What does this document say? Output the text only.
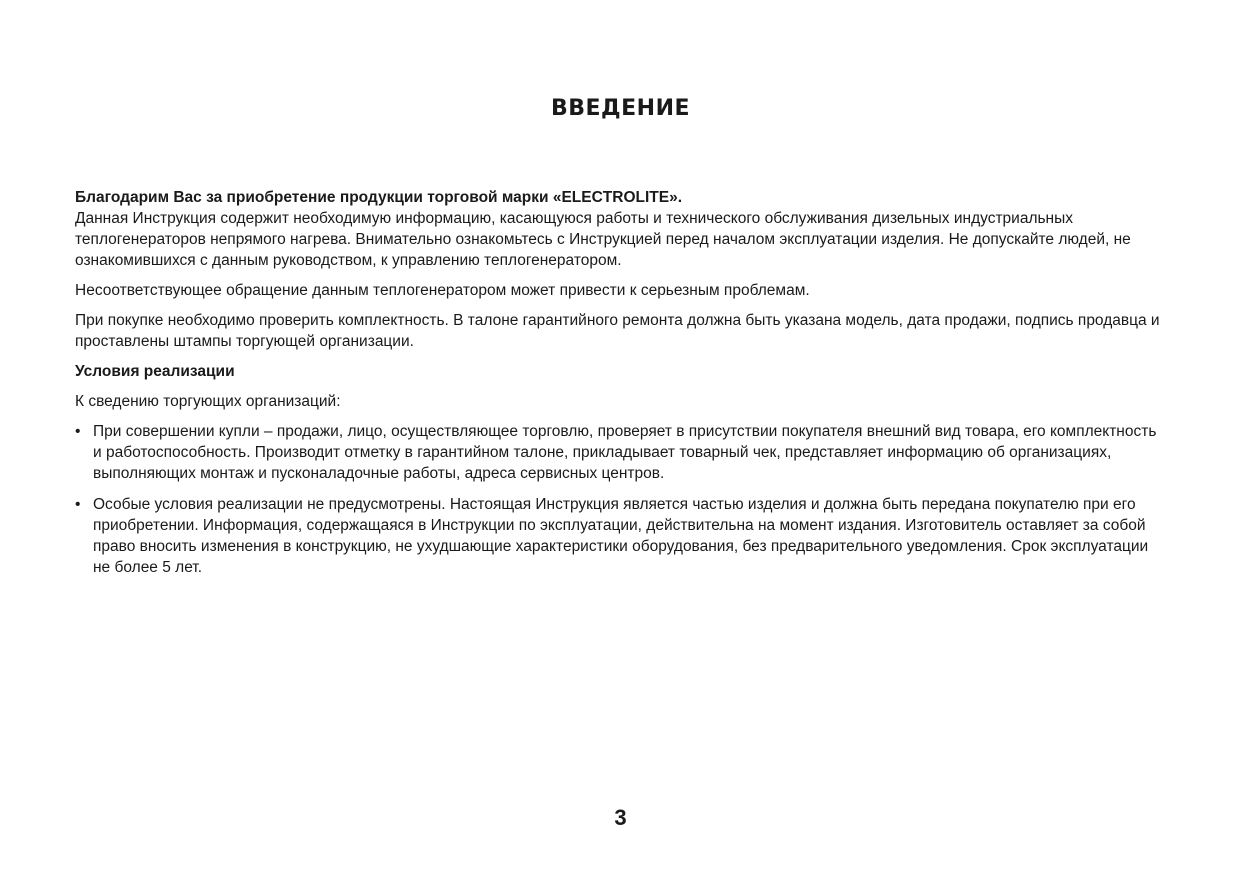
ВВЕДЕНИЕ

Благодарим Вас за приобретение продукции торговой марки «ELECTROLITE».

Данная Инструкция содержит необходимую информацию, касающуюся работы и технического обслуживания дизельных индустриальных теплогенераторов непрямого нагрева. Внимательно ознакомьтесь с Инструкцией перед началом эксплуатации изделия. Не допускайте людей, не ознакомившихся с данным руководством, к управлению теплогенератором.

Несоответствующее обращение данным теплогенератором может привести к серьезным проблемам.

При покупке необходимо проверить комплектность. В талоне гарантийного ремонта должна быть указана модель, дата продажи, подпись продавца и проставлены штампы торгующей организации.

Условия реализации

К сведению торгующих организаций:

• При совершении купли – продажи, лицо, осуществляющее торговлю, проверяет в присутствии покупателя внешний вид товара, его комплектность и работоспособность. Производит отметку в гарантийном талоне, прикладывает товарный чек, представляет информацию об организациях, выполняющих монтаж и пусконаладочные работы, адреса сервисных центров.
• Особые условия реализации не предусмотрены. Настоящая Инструкция является частью изделия и должна быть передана покупателю при его приобретении. Информация, содержащаяся в Инструкции по эксплуатации, действительна на момент издания. Изготовитель оставляет за собой право вносить изменения в конструкцию, не ухудшающие характеристики оборудования, без предварительного уведомления. Срок эксплуатации не более 5 лет.
3
